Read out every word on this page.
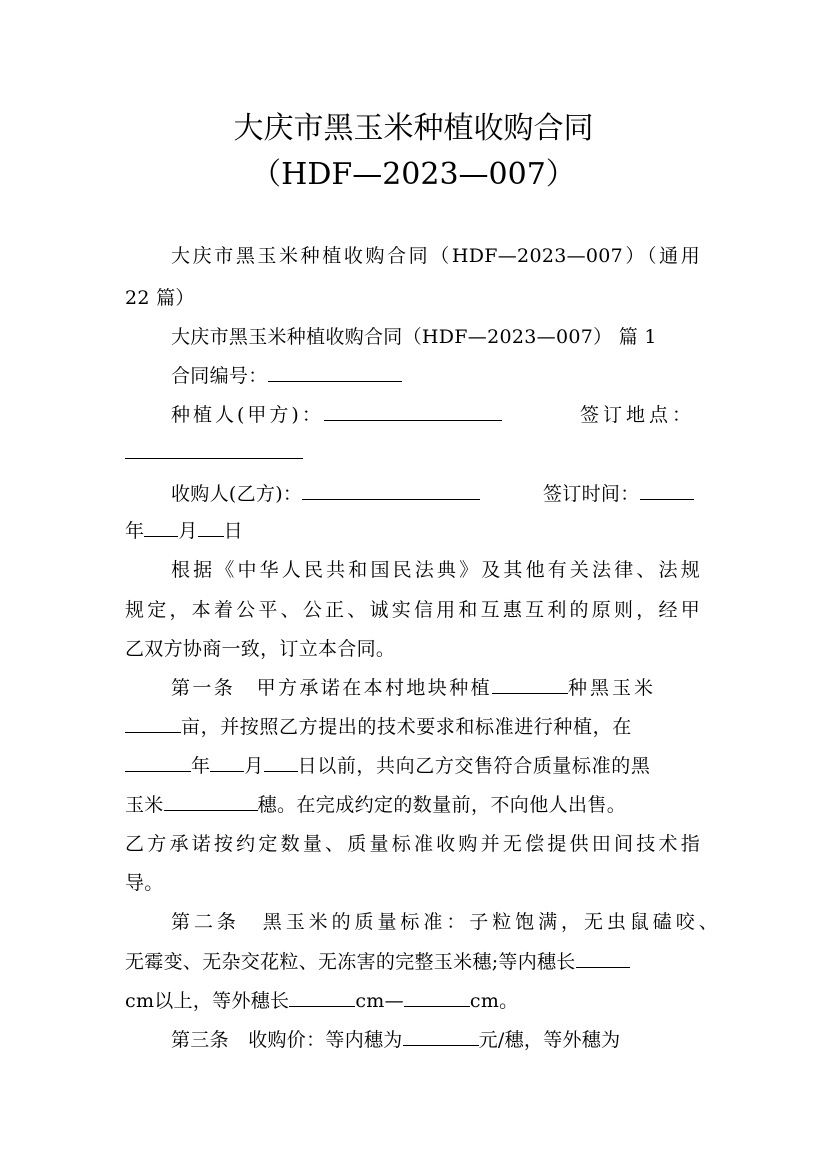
大庆市黑玉米种植收购合同
（HDF—2023—007）
大庆市黑玉米种植收购合同（HDF—2023—007）（通用
22 篇）
大庆市黑玉米种植收购合同（HDF—2023—007） 篇 1
合同编号：
种植人(甲方)：	签订地点：
收购人(乙方)：	签订时间：
年 月 日
根据《中华人民共和国民法典》及其他有关法律、法规
规定，本着公平、公正、诚实信用和互惠互利的原则，经甲
乙双方协商一致，订立本合同。
第一条　甲方承诺在本村地块种植	种黑玉米
亩，并按照乙方提出的技术要求和标准进行种植，在
年 月 日以前，共向乙方交售符合质量标准的黑
玉米	穗。在完成约定的数量前，不向他人出售。
乙方承诺按约定数量、质量标准收购并无偿提供田间技术指
导。
第二条　黑玉米的质量标准：子粒饱满，无虫鼠磕咬、
无霉变、无杂交花粒、无冻害的完整玉米穗;等内穗长
cm以上，等外穗长	cm—	cm。
第三条　收购价：等内穗为	元/穗，等外穗为
